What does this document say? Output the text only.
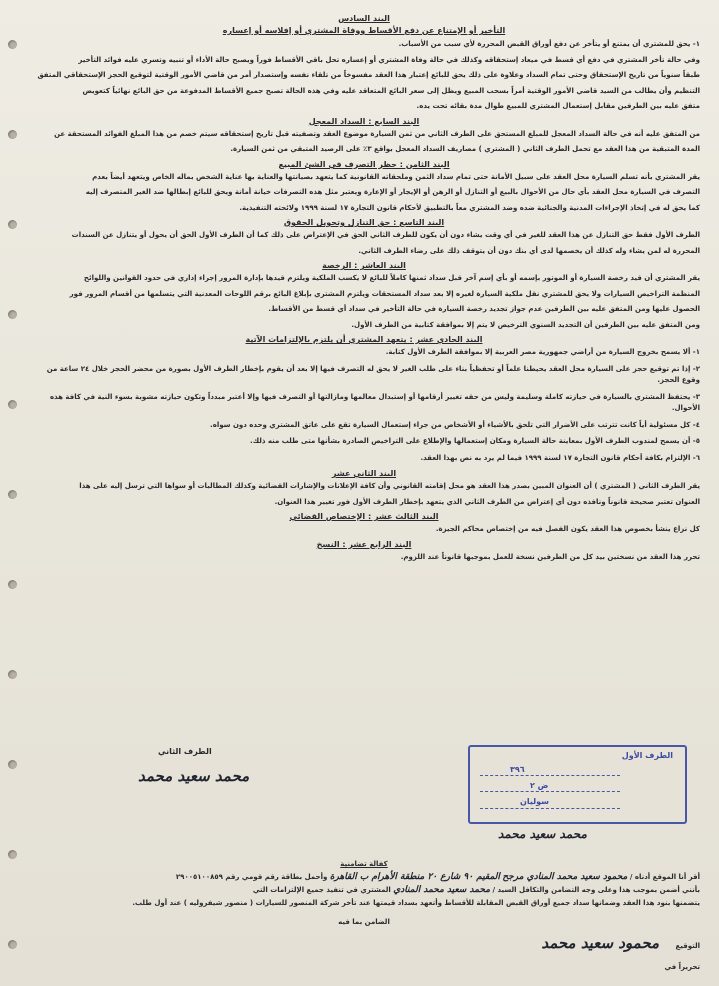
البند السادس
التأخير أو الإمتناع عن دفع الأقساط ووفاة المشتري أو إفلاسه أو إعساره

١- يحق للمشتري أن يمتنع أو يتأخر عن دفع أوراق القبض المحررة لأي سبب من الأسباب.

وفي حالة تأخر المشتري في دفع أي قسط في ميعاد إستحقاقه وكذلك في حالة وفاة المشتري أو إعساره تحل باقي الأقساط فوراً ويصبح حالة الأداء أو تنبيه وتسري عليه فوائد التأخير

طبقاً سنوياً من تاريخ الإستحقاق وحتى تمام السداد وعلاوة على ذلك يحق للبائع إعتبار هذا العقد مفسوخاً من تلقاء نفسه وإستصدار أمر من قاضي الأمور الوقتية لتوقيع الحجز الإستحقاقي المتفق

التنظيم وأن يطالب من السيد قاضي الأمور الوقتية أمراً بسحب المبيع ويظل إلى سعر البائع المتعاقد عليه وفي هذه الحالة تصبح جميع الأقساط المدفوعة من حق البائع نهائياً كتعويض

متفق عليه بين الطرفين مقابل إستعمال المشتري للمبيع طوال مدة بقائه تحت يده.

البند السابع : السداد المعجل

من المتفق عليه أنه في حالة السداد المعجل للمبلغ المستحق على الطرف الثاني من ثمن السيارة موضوع العقد وتصفيته قبل تاريخ إستحقاقه سيتم خصم من هذا المبلغ الفوائد المستحقة عن

المدة المتبقية من هذا العقد مع تحمل الطرف الثاني ( المشتري ) مصاريف السداد المعجل بواقع ٣٪ على الرصيد المتبقي من ثمن السيارة.

البند الثامن : حظر التصرف في الشئ المبيع

يقر المشتري بأنه تسلم السيارة محل العقد على سبيل الأمانة حتى تمام سداد الثمن وملحقاته القانونية كما يتعهد بصيانتها والعناية بها عناية الشخص بماله الخاص ويتعهد أيضاً بعدم

التصرف في السيارة محل العقد بأي حال من الأحوال بالبيع أو التنازل أو الرهن أو الإيجار أو الإعارة ويعتبر مثل هذه التصرفات خيانة أمانة ويحق للبائع إبطالها ضد الغير المتصرف إليه

كما يحق له في إتخاذ الإجراءات المدنية والجنائية ضده وضد المشتري معاً بالتطبيق لأحكام قانون التجارة ١٧ لسنة ١٩٩٩ ولائحته التنفيذية.

البند التاسع : حق التنازل وتحويل الحقوق

الطرف الأول فقط حق التنازل عن هذا العقد للغير في أي وقت يشاء دون أن يكون للطرف الثاني الحق في الإعتراض على ذلك كما أن الطرف الأول الحق أن يحول أو يتنازل عن السندات

المحررة له لمن يشاء وله كذلك أن يخصمها لدى أي بنك دون أن يتوقف ذلك على رضاء الطرف الثاني.

البند العاشر : الرخصة

يقر المشتري أن قيد رخصة السيارة أو الموتور بإسمه أو بأي إسم آخر قبل سداد ثمنها كاملاً للبائع لا يكسب الملكية ويلتزم قيدها بإدارة المرور إجراء إداري في حدود القوانين واللوائح

المنظمة التراخيص السيارات ولا يحق للمشتري نقل ملكية السيارة لغيره إلا بعد سداد المستحقات ويلتزم المشتري بإبلاغ البائع برقم اللوحات المعدنية التي يتسلمها من أقسام المرور فور

الحصول عليها ومن المتفق عليه بين الطرفين عدم جواز تجديد رخصة السيارة في حالة التأخير في سداد أي قسط من الأقساط.

ومن المتفق عليه بين الطرفين أن التجديد السنوي الترخيص لا يتم إلا بموافقة كتابية من الطرف الأول.

البند الحادي عشر : يتعهد المشتري أن يلتزم بالإلتزامات الآتية
١- ألا يسمح بخروج السيارة من أراضي جمهورية مصر العربية إلا بموافقة الطرف الأول كتابة.
٢- إذا تم توقيع حجز على السيارة محل العقد يحيطنا علماً أو تحفظياً بناء على طلب الغير لا يحق له التصرف فيها إلا بعد أن يقوم بإخطار الطرف الأول بصورة من محضر الحجز خلال ٢٤ ساعة من وقوع الحجز.
٣- يحتفظ المشتري بالسيارة في حيازته كاملة وسليمة وليس من حقه تغيير أرقامها أو إستبدال معالمها ومازالتها أو التصرف فيها وإلا أعتبر مبدداً وتكون حيازته مشوبة بسوء النية في كافة هذه الأحوال.
٤- كل مسئولية أياً كانت تترتب على الأضرار التي تلحق بالأشياء أو الأشخاص من جراء إستعمال السيارة تقع على عاتق المشتري وحده دون سواه.
٥- أن يسمح لمندوب الطرف الأول بمعاينة حالة السيارة ومكان إستعمالها والإطلاع على التراخيص الصادرة بشأنها متى طلب منه ذلك.
٦- الإلتزام بكافة أحكام قانون التجارة ١٧ لسنة ١٩٩٩ فيما لم يرد به نص بهذا العقد.
البند الثاني عشر

يقر الطرف الثاني ( المشتري ) أن العنوان المبين بصدر هذا العقد هو محل إقامته القانوني وأن كافة الإعلانات والإشارات القضائية وكذلك المطالبات أو سواها التي ترسل إليه على هذا

العنوان تعتبر صحيحة قانوناً ونافذه دون أي إعتراض من الطرف الثاني الذي يتعهد بإخطار الطرف الأول فور تغيير هذا العنوان.

البند الثالث عشر : الإختصاص القضائي

كل نزاع ينشأ بخصوص هذا العقد يكون الفصل فيه من إختصاص محاكم الجيزة.

البند الرابع عشر : النسخ

تحرر هذا العقد من نسختين بيد كل من الطرفين نسخة للعمل بموجبها قانوناً عند اللزوم.

الطرف الثاني
محمد سعيد محمد
الطرف الأول
٣٩٦
ض ٢
سوليان
محمد سعيد محمد
كفالة تضامنية
أقر أنا الموقع أدناه / محمود سعيد محمد المنادي مرجح المقيم ٩٠ شارع ٢٠ منطقة الأهرام ب القاهرة وأحمل بطاقة رقم قومي رقم ٢٩٠٠٥١٠٠٨٥٩
بأنني أضمن بموجب هذا وعلى وجه التضامن والتكافل السيد / محمد سعيد محمد المنادي المشتري في تنفيذ جميع الإلتزامات التي
يتضمنها بنود هذا العقد وضمانها سداد جميع أوراق القبض المقابلة للأقساط وأتعهد بسداد قيمتها عند تأخر شركة المنصور للسيارات ( منصور شيفروليه ) عند أول طلب.
الضامن بما فيه
التوقيع محمود سعيد محمد
تحريراً في
